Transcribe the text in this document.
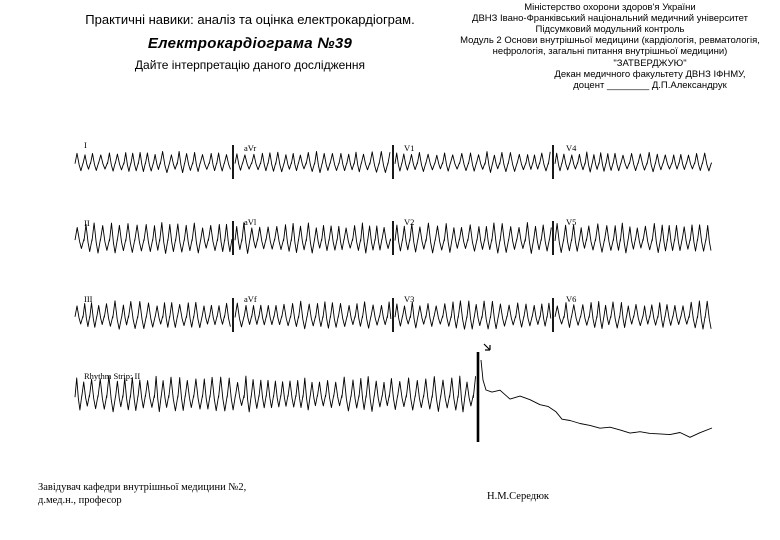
Практичні навики: аналіз та оцінка електрокардіограм.
Електрокардіограма №39
Дайте інтерпретацію даного дослідження
Міністерство охорони здоров'я України
ДВНЗ Івано-Франківський національний медичний університет
Підсумковий модульний контроль
Модуль 2 Основи внутрішньої медицини (кардіологія, ревматологія,
нефрологія, загальні питання внутрішньої медицини)
"ЗАТВЕРДЖУЮ"
Декан медичного факультету ДВНЗ ІФНМУ,
доцент ________ Д.П.Александрук
I	aVr	V1	V4
II	aVl	V2	V5
III	aVf	V3	V6
Rhythm Strip: II
Завідувач кафедри внутрішньої медицини №2,
д.мед.н., професор	Н.М.Середюк
